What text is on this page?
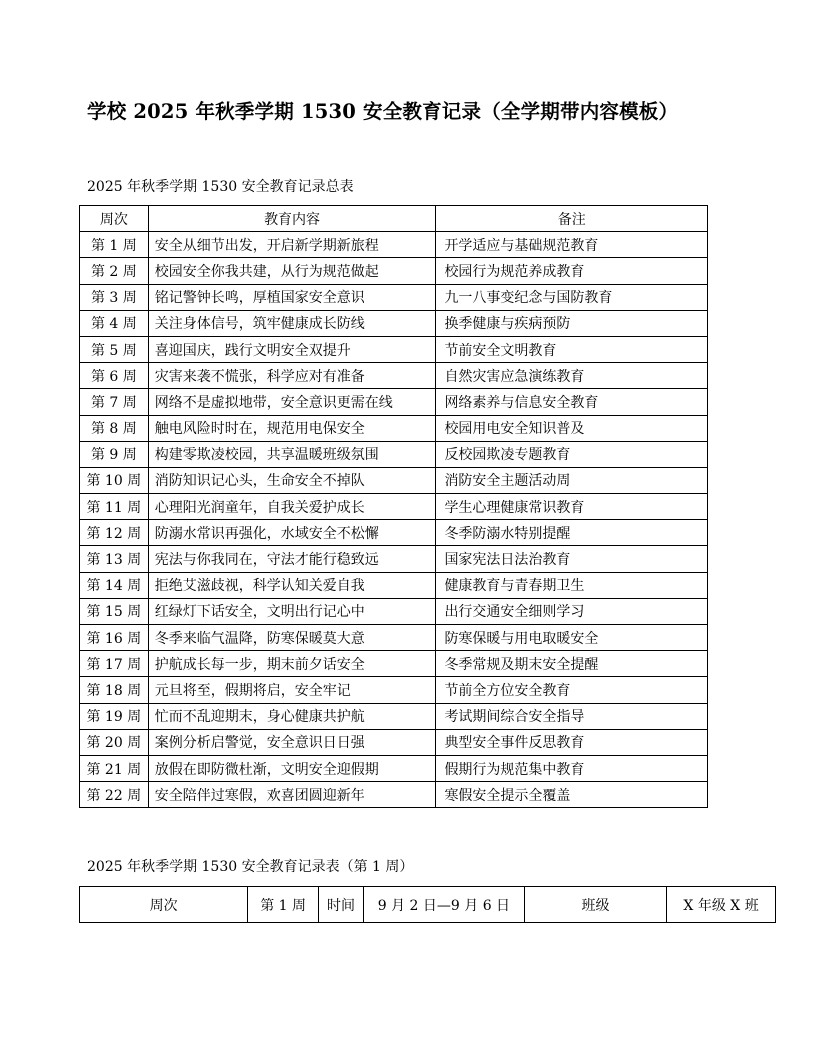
学校 2025 年秋季学期 1530 安全教育记录（全学期带内容模板）
2025 年秋季学期 1530 安全教育记录总表
周次	教育内容	备注
第 1 周	安全从细节出发，开启新学期新旅程	开学适应与基础规范教育
第 2 周	校园安全你我共建，从行为规范做起	校园行为规范养成教育
第 3 周	铭记警钟长鸣，厚植国家安全意识	九一八事变纪念与国防教育
第 4 周	关注身体信号，筑牢健康成长防线	换季健康与疾病预防
第 5 周	喜迎国庆，践行文明安全双提升	节前安全文明教育
第 6 周	灾害来袭不慌张，科学应对有准备	自然灾害应急演练教育
第 7 周	网络不是虚拟地带，安全意识更需在线	网络素养与信息安全教育
第 8 周	触电风险时时在，规范用电保安全	校园用电安全知识普及
第 9 周	构建零欺凌校园，共享温暖班级氛围	反校园欺凌专题教育
第 10 周	消防知识记心头，生命安全不掉队	消防安全主题活动周
第 11 周	心理阳光润童年，自我关爱护成长	学生心理健康常识教育
第 12 周	防溺水常识再强化，水域安全不松懈	冬季防溺水特别提醒
第 13 周	宪法与你我同在，守法才能行稳致远	国家宪法日法治教育
第 14 周	拒绝艾滋歧视，科学认知关爱自我	健康教育与青春期卫生
第 15 周	红绿灯下话安全，文明出行记心中	出行交通安全细则学习
第 16 周	冬季来临气温降，防寒保暖莫大意	防寒保暖与用电取暖安全
第 17 周	护航成长每一步，期末前夕话安全	冬季常规及期末安全提醒
第 18 周	元旦将至，假期将启，安全牢记	节前全方位安全教育
第 19 周	忙而不乱迎期末，身心健康共护航	考试期间综合安全指导
第 20 周	案例分析启警觉，安全意识日日强	典型安全事件反思教育
第 21 周	放假在即防微杜渐，文明安全迎假期	假期行为规范集中教育
第 22 周	安全陪伴过寒假，欢喜团圆迎新年	寒假安全提示全覆盖
2025 年秋季学期 1530 安全教育记录表（第 1 周）
周次	第 1 周	时间	9 月 2 日—9 月 6 日	班级	X 年级 X 班
